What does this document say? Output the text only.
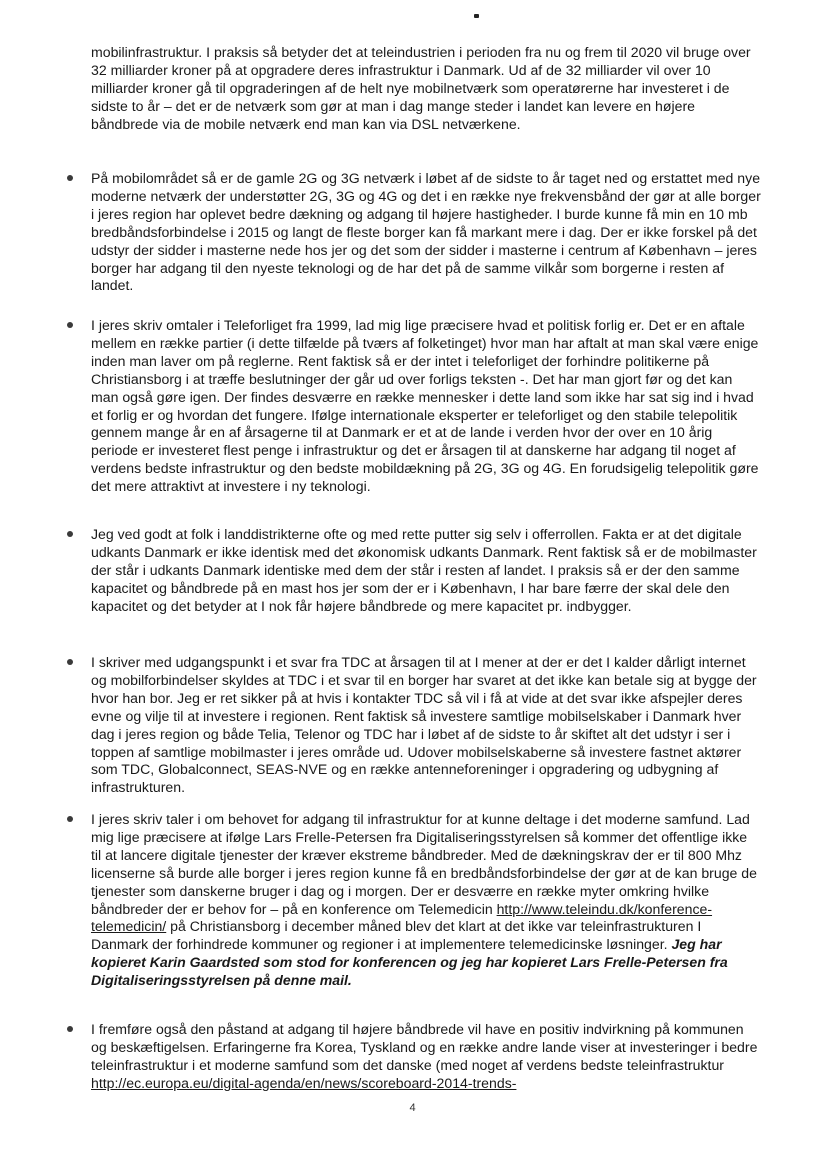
mobilinfrastruktur. I praksis så betyder det at teleindustrien i perioden fra nu og frem til 2020 vil bruge over 32 milliarder kroner på at opgradere deres infrastruktur i Danmark. Ud af de 32 milliarder vil over 10 milliarder kroner gå til opgraderingen af de helt nye mobilnetværk som operatørerne har investeret i de sidste to år – det er de netværk som gør at man i dag mange steder i landet kan levere en højere båndbrede via de mobile netværk end man kan via DSL netværkene.

På mobilområdet så er de gamle 2G og 3G netværk i løbet af de sidste to år taget ned og erstattet med nye moderne netværk der understøtter 2G, 3G og 4G og det i en række nye frekvensbånd der gør at alle borger i jeres region har oplevet bedre dækning og adgang til højere hastigheder. I burde kunne få min en 10 mb bredbåndsforbindelse i 2015 og langt de fleste borger kan få markant mere i dag. Der er ikke forskel på det udstyr der sidder i masterne nede hos jer og det som der sidder i masterne i centrum af København – jeres borger har adgang til den nyeste teknologi og de har det på de samme vilkår som borgerne i resten af landet.

I jeres skriv omtaler i Teleforliget fra 1999, lad mig lige præcisere hvad et politisk forlig er. Det er en aftale mellem en række partier (i dette tilfælde på tværs af folketinget) hvor man har aftalt at man skal være enige inden man laver om på reglerne. Rent faktisk så er der intet i teleforliget der forhindre politikerne på Christiansborg i at træffe beslutninger der går ud over forligs teksten -. Det har man gjort før og det kan man også gøre igen. Der findes desværre en række mennesker i dette land som ikke har sat sig ind i hvad et forlig er og hvordan det fungere. Ifølge internationale eksperter er teleforliget og den stabile telepolitik gennem mange år en af årsagerne til at Danmark er et at de lande i verden hvor der over en 10 årig periode er investeret flest penge i infrastruktur og det er årsagen til at danskerne har adgang til noget af verdens bedste infrastruktur og den bedste mobildækning på 2G, 3G og 4G. En forudsigelig telepolitik gøre det mere attraktivt at investere i ny teknologi.

Jeg ved godt at folk i landdistrikterne ofte og med rette putter sig selv i offerrollen. Fakta er at det digitale udkants Danmark er ikke identisk med det økonomisk udkants Danmark. Rent faktisk så er de mobilmaster der står i udkants Danmark identiske med dem der står i resten af landet. I praksis så er der den samme kapacitet og båndbrede på en mast hos jer som der er i København, I har bare færre der skal dele den kapacitet og det betyder at I nok får højere båndbrede og mere kapacitet pr. indbygger.

I skriver med udgangspunkt i et svar fra TDC at årsagen til at I mener at der er det I kalder dårligt internet og mobilforbindelser skyldes at TDC i et svar til en borger har svaret at det ikke kan betale sig at bygge der hvor han bor. Jeg er ret sikker på at hvis i kontakter TDC så vil i få at vide at det svar ikke afspejler deres evne og vilje til at investere i regionen. Rent faktisk så investere samtlige mobilselskaber i Danmark hver dag i jeres region og både Telia, Telenor og TDC har i løbet af de sidste to år skiftet alt det udstyr i ser i toppen af samtlige mobilmaster i jeres område ud. Udover mobilselskaberne så investere fastnet aktører som TDC, Globalconnect, SEAS-NVE og en række antenneforeninger i opgradering og udbygning af infrastrukturen.

I jeres skriv taler i om behovet for adgang til infrastruktur for at kunne deltage i det moderne samfund. Lad mig lige præcisere at ifølge Lars Frelle-Petersen fra Digitaliseringsstyrelsen så kommer det offentlige ikke til at lancere digitale tjenester der kræver ekstreme båndbreder. Med de dækningskrav der er til 800 Mhz licenserne så burde alle borger i jeres region kunne få en bredbåndsforbindelse der gør at de kan bruge de tjenester som danskerne bruger i dag og i morgen. Der er desværre en række myter omkring hvilke båndbreder der er behov for – på en konference om Telemedicin http://www.teleindu.dk/konference-telemedicin/ på Christiansborg i december måned blev det klart at det ikke var teleinfrastrukturen I Danmark der forhindrede kommuner og regioner i at implementere telemedicinske løsninger. Jeg har kopieret Karin Gaardsted som stod for konferencen og jeg har kopieret Lars Frelle-Petersen fra Digitaliseringsstyrelsen på denne mail.

I fremføre også den påstand at adgang til højere båndbrede vil have en positiv indvirkning på kommunen og beskæftigelsen. Erfaringerne fra Korea, Tyskland og en række andre lande viser at investeringer i bedre teleinfrastruktur i et moderne samfund som det danske (med noget af verdens bedste teleinfrastruktur http://ec.europa.eu/digital-agenda/en/news/scoreboard-2014-trends-

4
